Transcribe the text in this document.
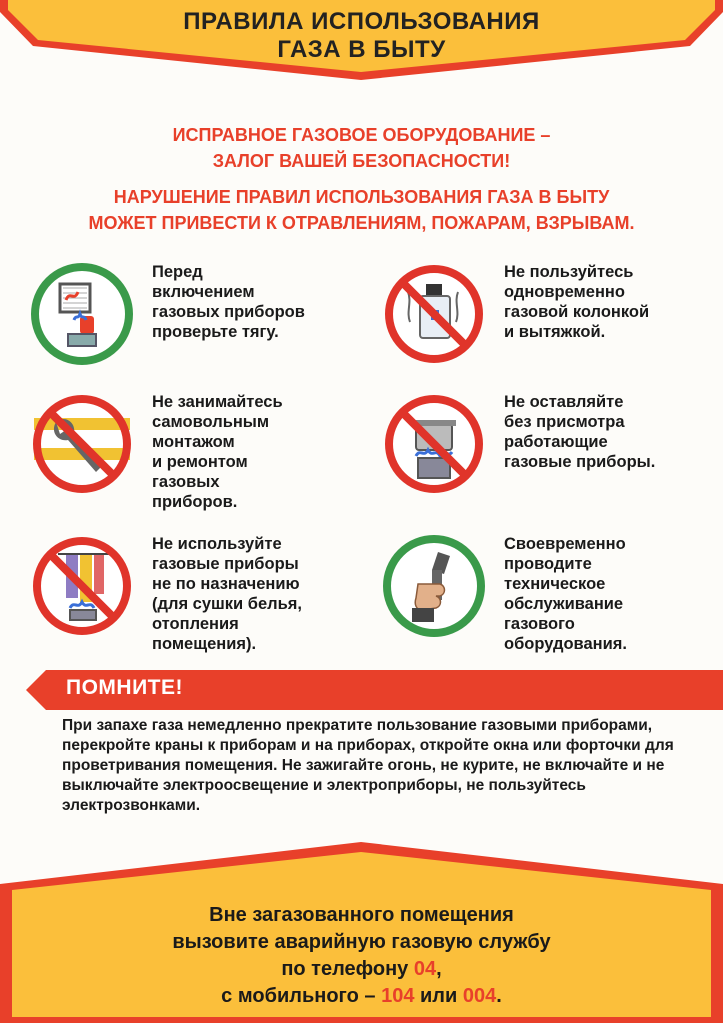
ПРАВИЛА ИСПОЛЬЗОВАНИЯ
ГАЗА В БЫТУ
ИСПРАВНОЕ ГАЗОВОЕ ОБОРУДОВАНИЕ –
ЗАЛОГ ВАШЕЙ БЕЗОПАСНОСТИ!
НАРУШЕНИЕ ПРАВИЛ ИСПОЛЬЗОВАНИЯ ГАЗА В БЫТУ
МОЖЕТ ПРИВЕСТИ К ОТРАВЛЕНИЯМ, ПОЖАРАМ, ВЗРЫВАМ.
Перед
включением
газовых приборов
проверьте тягу.
Не пользуйтесь
одновременно
газовой колонкой
и вытяжкой.
Не занимайтесь
самовольным
монтажом
и ремонтом
газовых
приборов.
Не оставляйте
без присмотра
работающие
газовые приборы.
Не используйте
газовые приборы
не по назначению
(для сушки белья,
отопления
помещения).
Своевременно
проводите
техническое
обслуживание
газового
оборудования.
ПОМНИТЕ!
При запахе газа немедленно прекратите пользование газовыми приборами, перекройте краны к приборам и на приборах, откройте окна или форточки для проветривания помещения. Не зажигайте огонь, не курите, не включайте и не выключайте электроосвещение и электроприборы, не пользуйтесь электрозвонками.
Вне загазованного помещения
вызовите аварийную газовую службу
по телефону 04,
с мобильного – 104 или 004.
